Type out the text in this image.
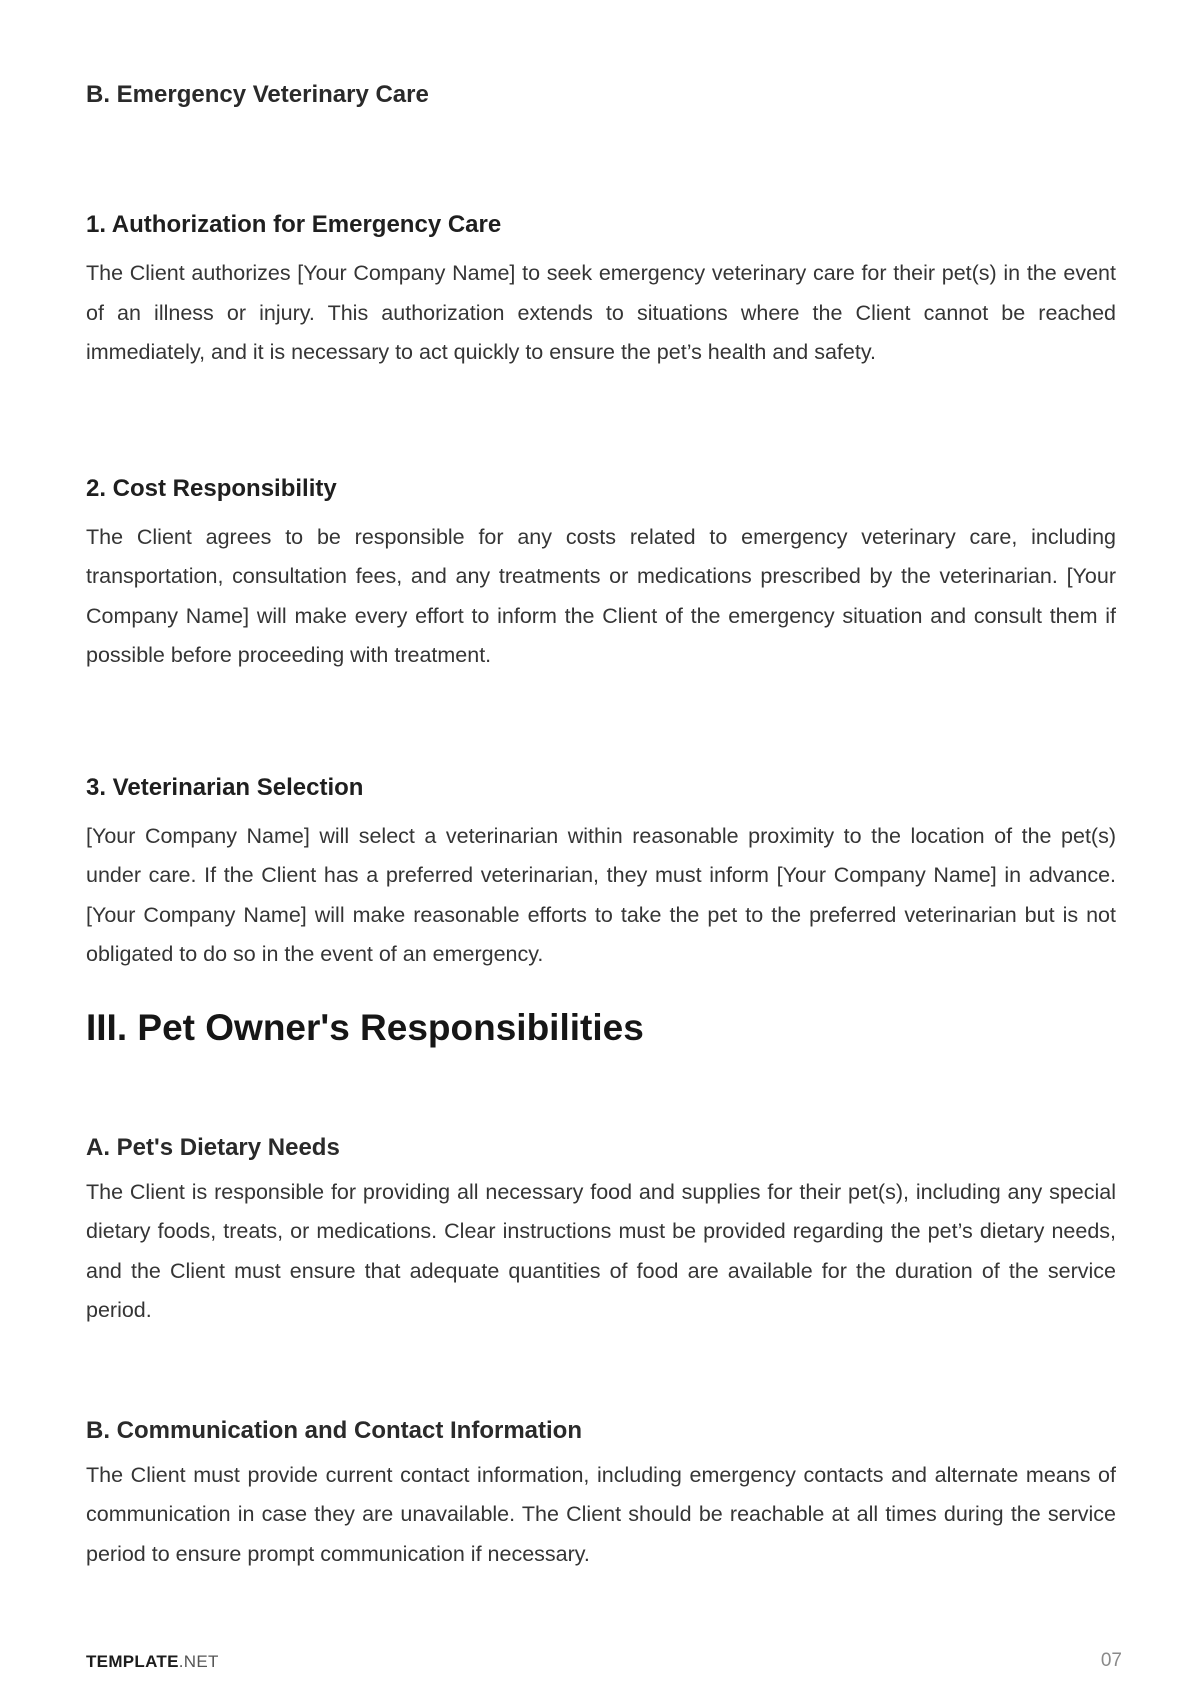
B. Emergency Veterinary Care
1. Authorization for Emergency Care

The Client authorizes [Your Company Name] to seek emergency veterinary care for their pet(s) in the event of an illness or injury. This authorization extends to situations where the Client cannot be reached immediately, and it is necessary to act quickly to ensure the pet’s health and safety.

2. Cost Responsibility

The Client agrees to be responsible for any costs related to emergency veterinary care, including transportation, consultation fees, and any treatments or medications prescribed by the veterinarian. [Your Company Name] will make every effort to inform the Client of the emergency situation and consult them if possible before proceeding with treatment.

3. Veterinarian Selection

[Your Company Name] will select a veterinarian within reasonable proximity to the location of the pet(s) under care. If the Client has a preferred veterinarian, they must inform [Your Company Name] in advance. [Your Company Name] will make reasonable efforts to take the pet to the preferred veterinarian but is not obligated to do so in the event of an emergency.

III. Pet Owner's Responsibilities
A. Pet's Dietary Needs

The Client is responsible for providing all necessary food and supplies for their pet(s), including any special dietary foods, treats, or medications. Clear instructions must be provided regarding the pet’s dietary needs, and the Client must ensure that adequate quantities of food are available for the duration of the service period.

B. Communication and Contact Information

The Client must provide current contact information, including emergency contacts and alternate means of communication in case they are unavailable. The Client should be reachable at all times during the service period to ensure prompt communication if necessary.

TEMPLATE.NET	07
